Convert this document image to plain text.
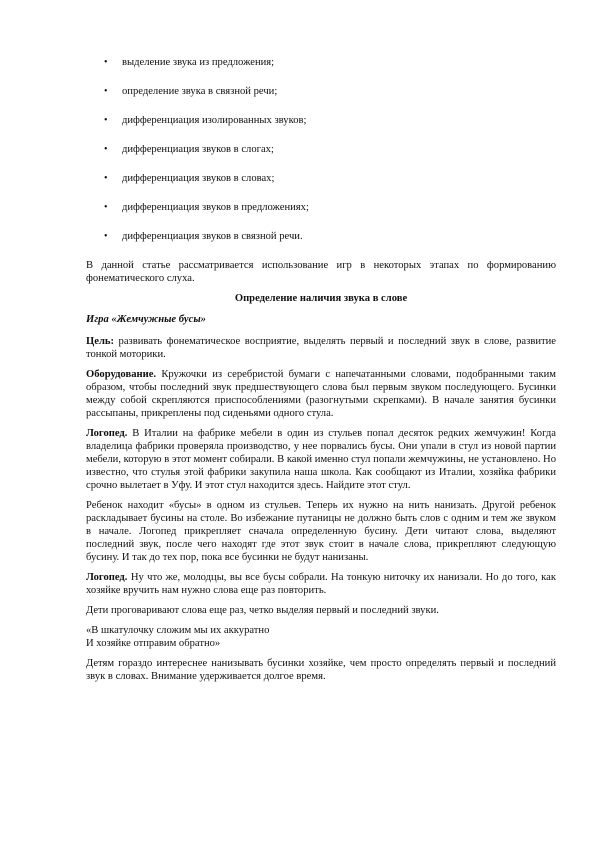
• выделение звука из предложения;
• определение звука в связной речи;
• дифференциация изолированных звуков;
• дифференциация звуков в слогах;
• дифференциация звуков в словах;
• дифференциация звуков в предложениях;
• дифференциация звуков в связной речи.

В данной статье рассматривается использование игр в некоторых этапах по формированию фонематического слуха.

Определение наличия звука в слове
Игра «Жемчужные бусы»

Цель: развивать фонематическое восприятие, выделять первый и последний звук в слове, развитие тонкой моторики.

Оборудование. Кружочки из серебристой бумаги с напечатанными словами, подобранными таким образом, чтобы последний звук предшествующего слова был первым звуком последующего. Бусинки между собой скрепляются приспособлениями (разогнутыми скрепками). В начале занятия бусинки рассыпаны, прикреплены под сиденьями одного стула.

Логопед. В Италии на фабрике мебели в один из стульев попал десяток редких жемчужин! Когда владелица фабрики проверяла производство, у нее порвались бусы. Они упали в стул из новой партии мебели, которую в этот момент собирали. В какой именно стул попали жемчужины, не установлено. Но известно, что стулья этой фабрики закупила наша школа. Как сообщают из Италии, хозяйка фабрики срочно вылетает в Уфу. И этот стул находится здесь. Найдите этот стул.

Ребенок находит «бусы» в одном из стульев. Теперь их нужно на нить нанизать. Другой ребенок раскладывает бусины на столе. Во избежание путаницы не должно быть слов с одним и тем же звуком в начале. Логопед прикрепляет сначала определенную бусину. Дети читают слова, выделяют последний звук, после чего находят где этот звук стоит в начале слова, прикрепляют следующую бусину. И так до тех пор, пока все бусинки не будут нанизаны.

Логопед. Ну что же, молодцы, вы все бусы собрали. На тонкую ниточку их нанизали. Но до того, как хозяйке вручить нам нужно слова еще раз повторить.

Дети проговаривают слова еще раз, четко выделяя первый и последний звуки.

«В шкатулочку сложим мы их аккуратно
И хозяйке отправим обратно»

Детям гораздо интереснее нанизывать бусинки хозяйке, чем просто определять первый и последний звук в словах. Внимание удерживается долгое время.
